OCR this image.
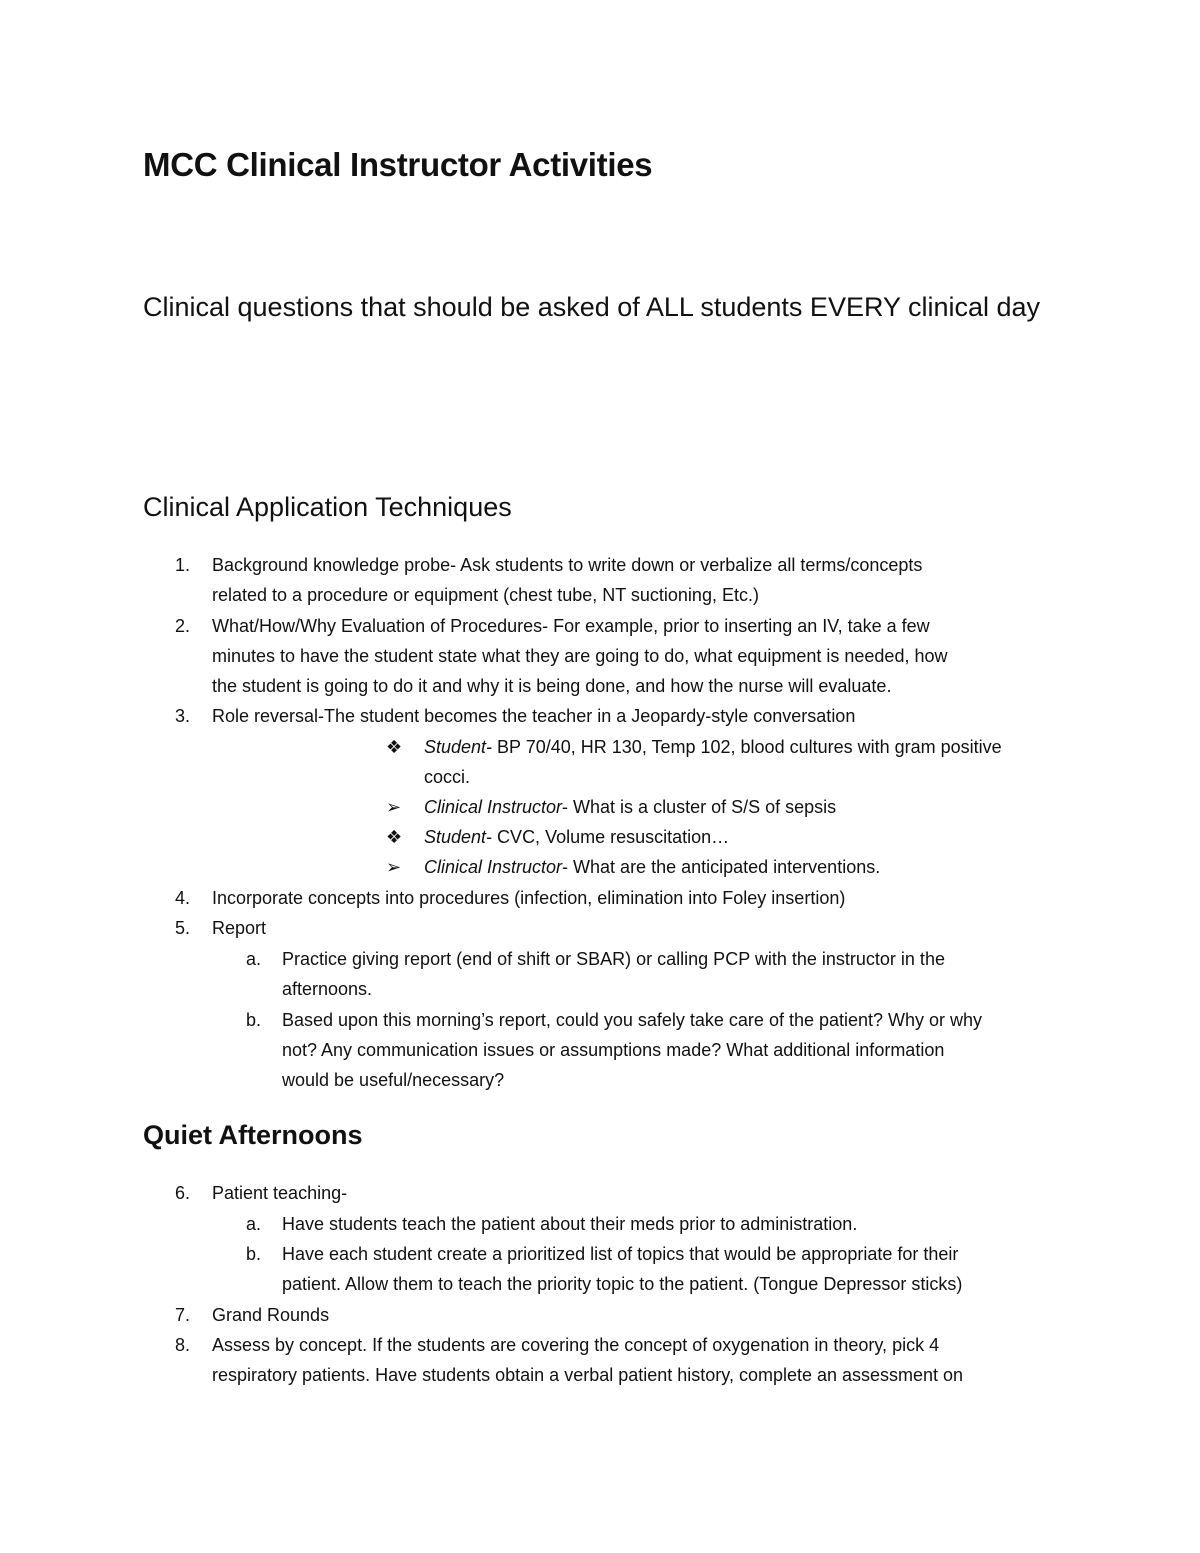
MCC Clinical Instructor Activities
Clinical questions that should be asked of ALL students EVERY clinical day
Clinical Application Techniques
1. Background knowledge probe- Ask students to write down or verbalize all terms/concepts
related to a procedure or equipment (chest tube, NT suctioning, Etc.)
2. What/How/Why Evaluation of Procedures- For example, prior to inserting an IV, take a few
minutes to have the student state what they are going to do, what equipment is needed, how
the student is going to do it and why it is being done, and how the nurse will evaluate.
3. Role reversal-The student becomes the teacher in a Jeopardy-style conversation
❖ Student- BP 70/40, HR 130, Temp 102, blood cultures with gram positive
cocci.
➢ Clinical Instructor- What is a cluster of S/S of sepsis
❖ Student- CVC, Volume resuscitation…
➢ Clinical Instructor- What are the anticipated interventions.
4. Incorporate concepts into procedures (infection, elimination into Foley insertion)
5. Report
a. Practice giving report (end of shift or SBAR) or calling PCP with the instructor in the
afternoons.
b. Based upon this morning’s report, could you safely take care of the patient? Why or why
not? Any communication issues or assumptions made? What additional information
would be useful/necessary?
Quiet Afternoons
6. Patient teaching-
a. Have students teach the patient about their meds prior to administration.
b. Have each student create a prioritized list of topics that would be appropriate for their
patient. Allow them to teach the priority topic to the patient. (Tongue Depressor sticks)
7. Grand Rounds
8. Assess by concept. If the students are covering the concept of oxygenation in theory, pick 4
respiratory patients. Have students obtain a verbal patient history, complete an assessment on
